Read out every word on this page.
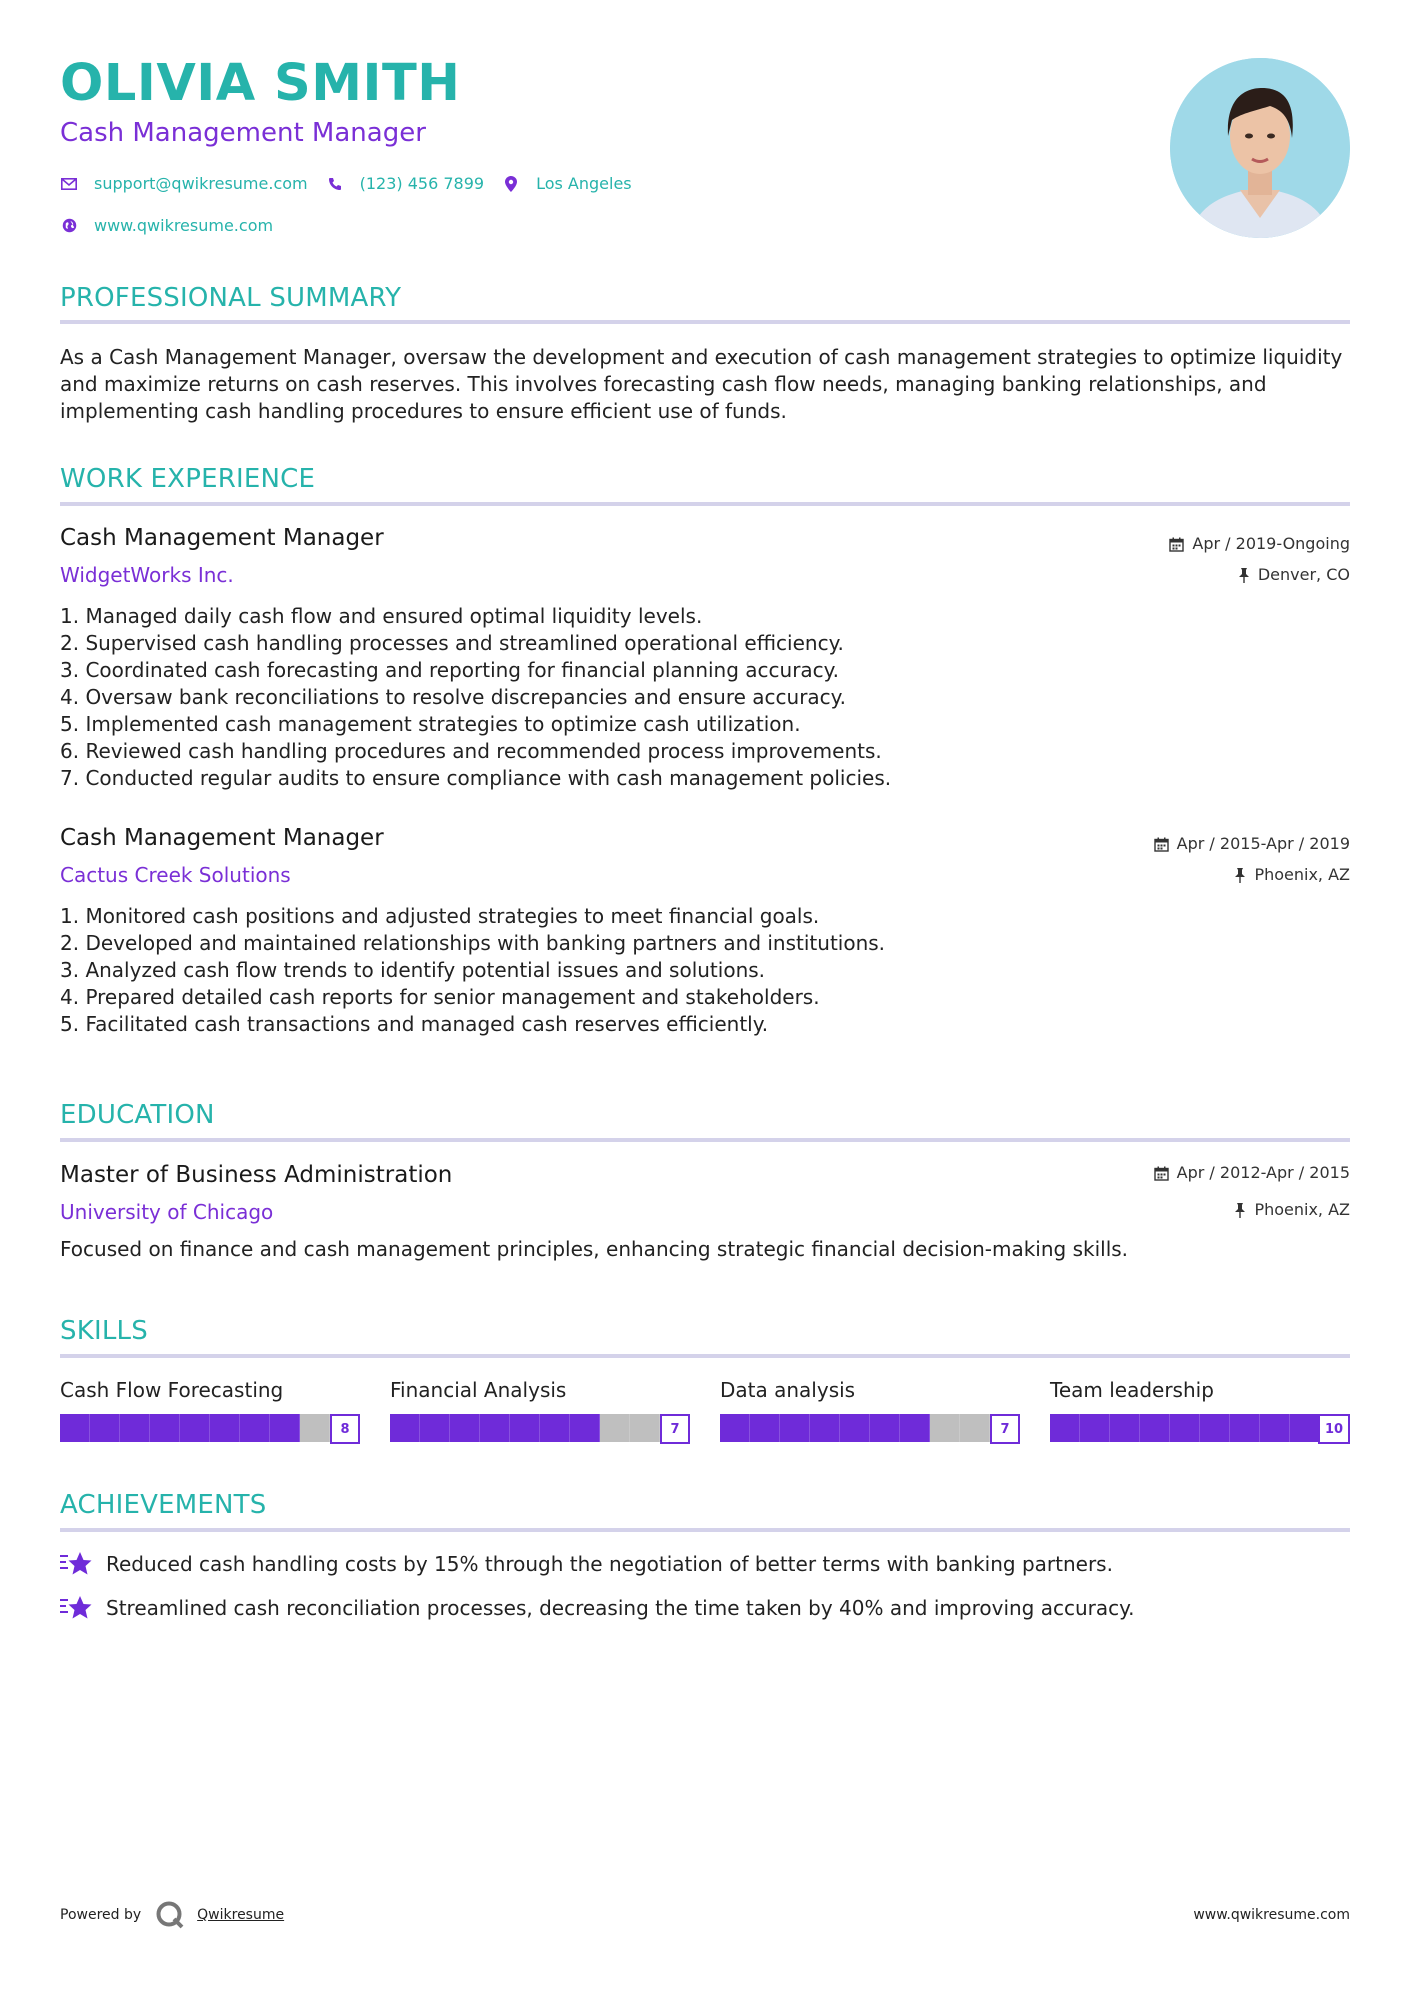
OLIVIA SMITH
Cash Management Manager
support@qwikresume.com	(123) 456 7899	Los Angeles
www.qwikresume.com
PROFESSIONAL SUMMARY
As a Cash Management Manager, oversaw the development and execution of cash management strategies to optimize liquidity and maximize returns on cash reserves. This involves forecasting cash flow needs, managing banking relationships, and implementing cash handling procedures to ensure efficient use of funds.
WORK EXPERIENCE
Cash Management Manager
WidgetWorks Inc.
Apr / 2019-Ongoing
Denver, CO
1. Managed daily cash flow and ensured optimal liquidity levels.
2. Supervised cash handling processes and streamlined operational efficiency.
3. Coordinated cash forecasting and reporting for financial planning accuracy.
4. Oversaw bank reconciliations to resolve discrepancies and ensure accuracy.
5. Implemented cash management strategies to optimize cash utilization.
6. Reviewed cash handling procedures and recommended process improvements.
7. Conducted regular audits to ensure compliance with cash management policies.
Cash Management Manager
Cactus Creek Solutions
Apr / 2015-Apr / 2019
Phoenix, AZ
1. Monitored cash positions and adjusted strategies to meet financial goals.
2. Developed and maintained relationships with banking partners and institutions.
3. Analyzed cash flow trends to identify potential issues and solutions.
4. Prepared detailed cash reports for senior management and stakeholders.
5. Facilitated cash transactions and managed cash reserves efficiently.
EDUCATION
Master of Business Administration
University of Chicago
Apr / 2012-Apr / 2015
Phoenix, AZ
Focused on finance and cash management principles, enhancing strategic financial decision-making skills.
SKILLS
Cash Flow Forecasting
8
Financial Analysis
7
Data analysis
7
Team leadership
10
ACHIEVEMENTS
Reduced cash handling costs by 15% through the negotiation of better terms with banking partners.
Streamlined cash reconciliation processes, decreasing the time taken by 40% and improving accuracy.
Powered by	Qwikresume	www.qwikresume.com
